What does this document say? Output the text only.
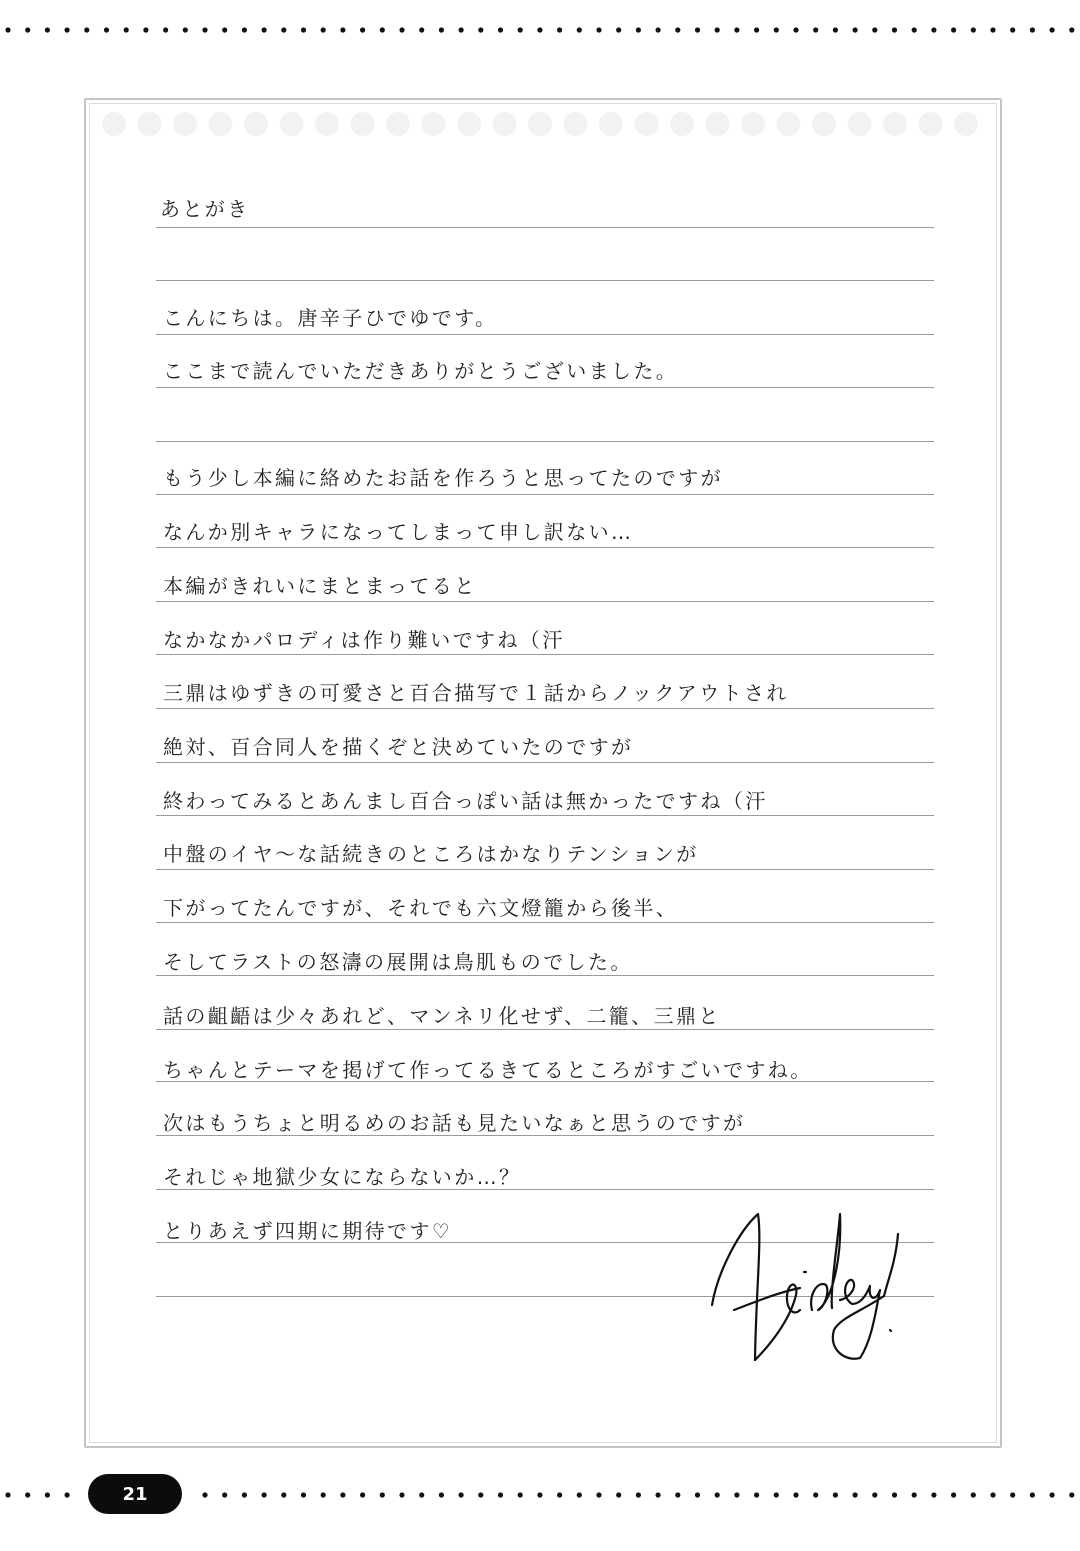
あとがき
こんにちは。唐辛子ひでゆです。
ここまで読んでいただきありがとうございました。
もう少し本編に絡めたお話を作ろうと思ってたのですが
なんか別キャラになってしまって申し訳ない…
本編がきれいにまとまってると
なかなかパロディは作り難いですね（汗
三鼎はゆずきの可愛さと百合描写で１話からノックアウトされ
絶対、百合同人を描くぞと決めていたのですが
終わってみるとあんまし百合っぽい話は無かったですね（汗
中盤のイヤ～な話続きのところはかなりテンションが
下がってたんですが、それでも六文燈籠から後半、
そしてラストの怒濤の展開は鳥肌ものでした。
話の齟齬は少々あれど、マンネリ化せず、二籠、三鼎と
ちゃんとテーマを掲げて作ってるきてるところがすごいですね。
次はもうちょと明るめのお話も見たいなぁと思うのですが
それじゃ地獄少女にならないか…？
とりあえず四期に期待です♡
21
